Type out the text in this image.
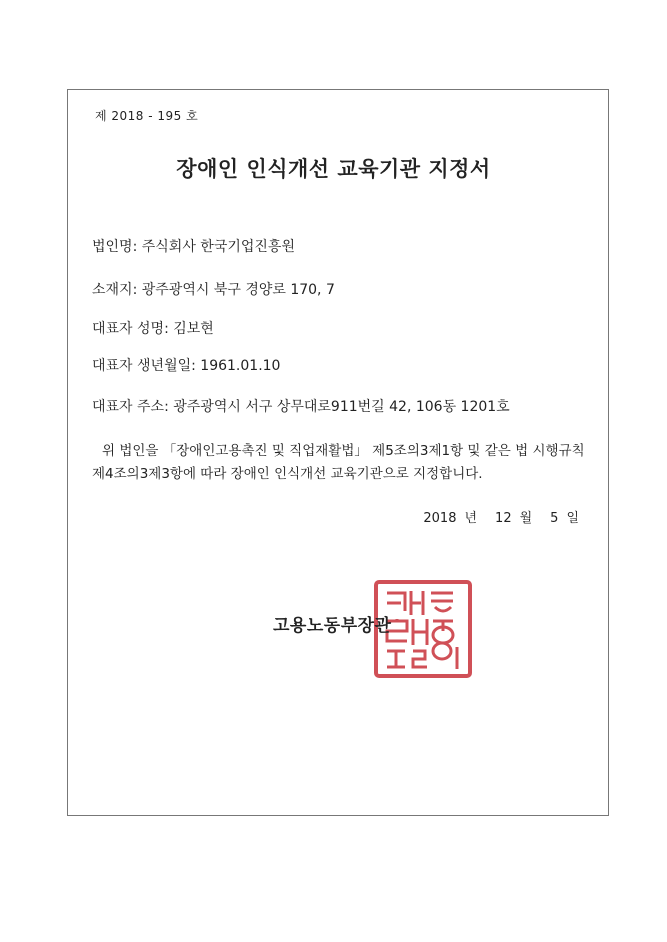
제 2018 - 195 호
장애인 인식개선 교육기관 지정서
법인명: 주식회사 한국기업진흥원
소재지: 광주광역시 북구 경양로 170, 7
대표자 성명: 김보현
대표자 생년월일: 1961.01.10
대표자 주소: 광주광역시 서구 상무대로911번길 42, 106동 1201호
위 법인을 「장애인고용촉진 및 직업재활법」 제5조의3제1항 및 같은 법 시행규칙
제4조의3제3항에 따라 장애인 인식개선 교육기관으로 지정합니다.
2018 년 12 월 5 일
고용노동부장관
